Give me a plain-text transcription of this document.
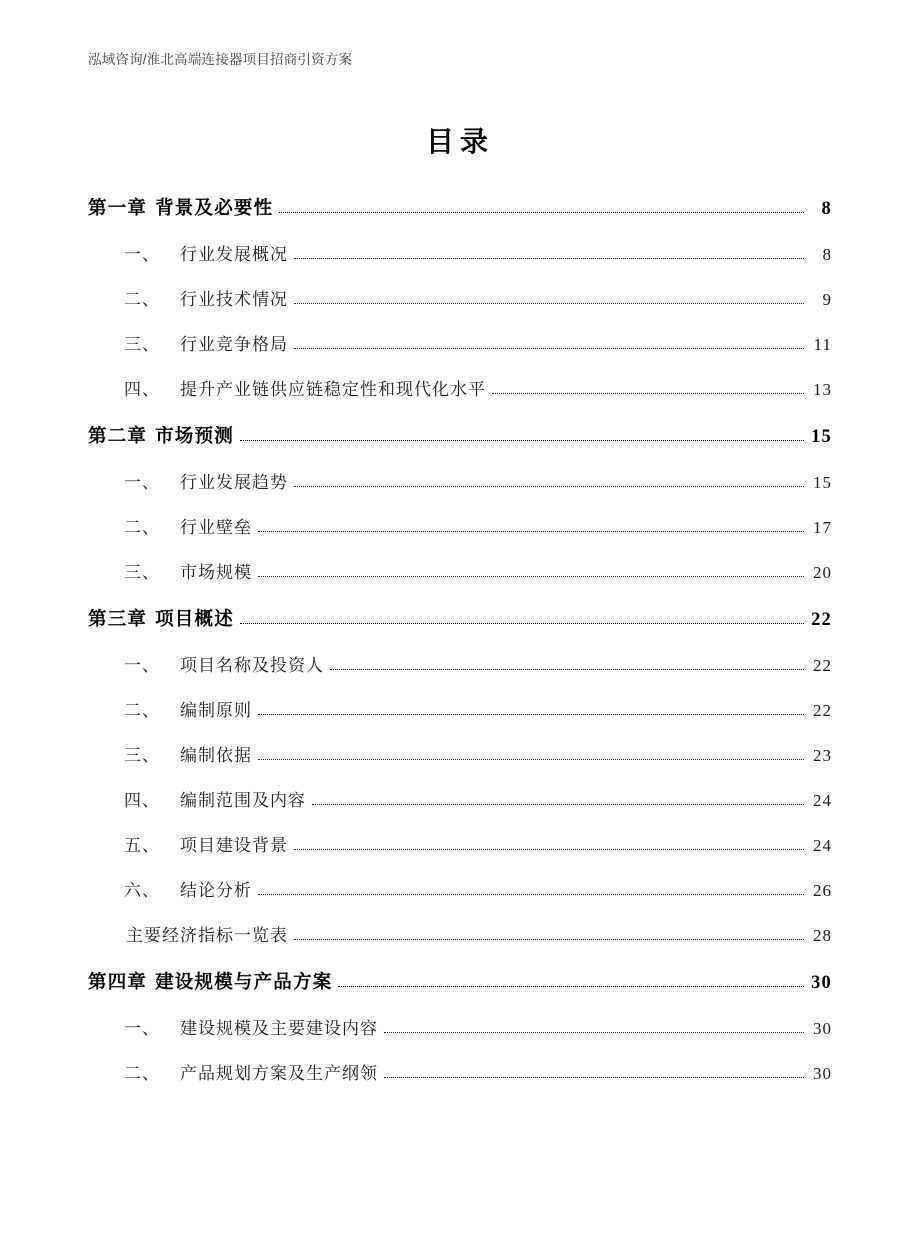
泓域咨询/淮北高端连接器项目招商引资方案
目录
第一章 背景及必要性	8
一、	行业发展概况	8
二、	行业技术情况	9
三、	行业竞争格局	11
四、	提升产业链供应链稳定性和现代化水平	13
第二章 市场预测	15
一、	行业发展趋势	15
二、	行业壁垒	17
三、	市场规模	20
第三章 项目概述	22
一、	项目名称及投资人	22
二、	编制原则	22
三、	编制依据	23
四、	编制范围及内容	24
五、	项目建设背景	24
六、	结论分析	26
主要经济指标一览表	28
第四章 建设规模与产品方案	30
一、	建设规模及主要建设内容	30
二、	产品规划方案及生产纲领	30
